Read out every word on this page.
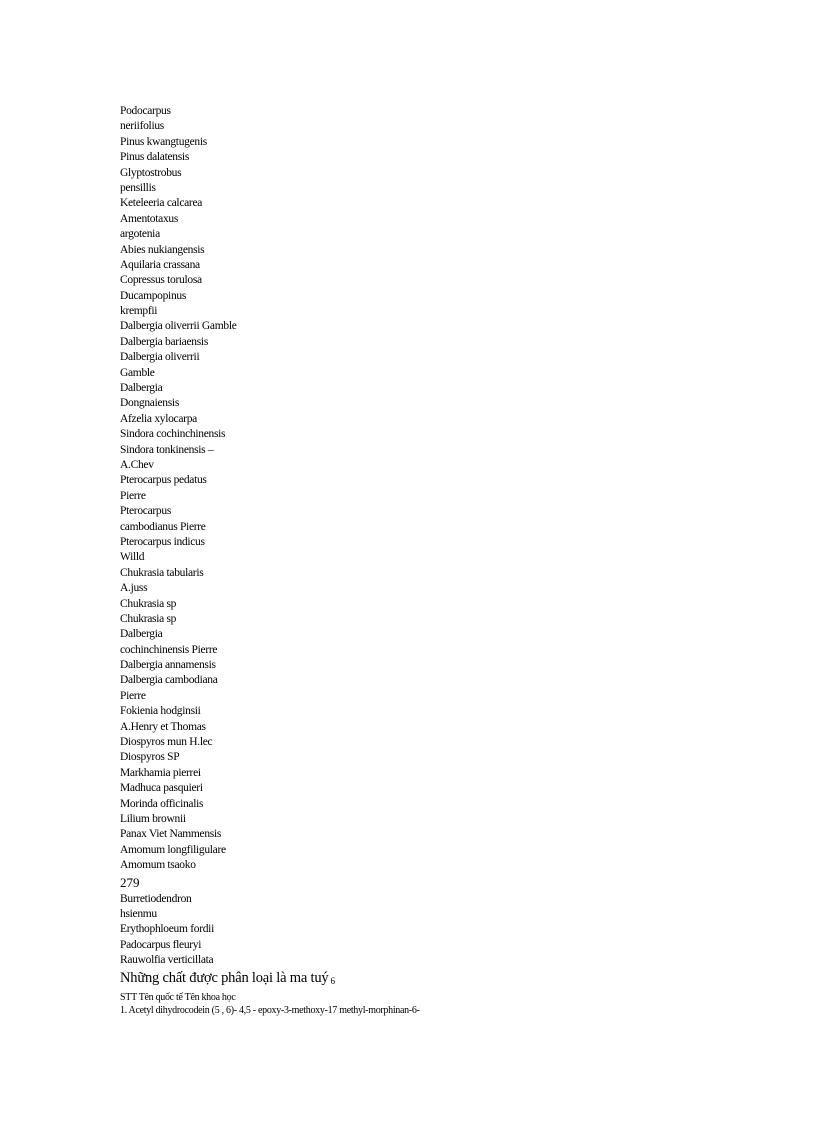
Podocarpus
neriifolius
Pinus kwangtugenis
Pinus dalatensis
Glyptostrobus
pensillis
Keteleeria calcarea
Amentotaxus
argotenia
Abies nukiangensis
Aquilaria crassana
Copressus torulosa
Ducampopinus
krempfii
Dalbergia oliverrii Gamble
Dalbergia bariaensis
Dalbergia oliverrii
Gamble
Dalbergia
Dongnaiensis
Afzelia xylocarpa
Sindora cochinchinensis
Sindora tonkinensis –
A.Chev
Pterocarpus pedatus
Pierre
Pterocarpus
cambodianus Pierre
Pterocarpus indicus
Willd
Chukrasia tabularis
A.juss
Chukrasia sp
Chukrasia sp
Dalbergia
cochinchinensis Pierre
Dalbergia annamensis
Dalbergia cambodiana
Pierre
Fokienia hodginsii
A.Henry et Thomas
Diospyros mun H.lec
Diospyros SP
Markhamia pierrei
Madhuca pasquieri
Morinda officinalis
Lilium brownii
Panax Viet Nammensis
Amomum longfiligulare
Amomum tsaoko
279
Burretiodendron
hsienmu
Erythophloeum fordii
Padocarpus fleuryi
Rauwolfia verticillata
Những chất được phân loại là ma tuý $_6$
STT Tên quốc tế Tên khoa học
1. Acetyl dihydrocodein (5 , 6)- 4,5 - epoxy-3-methoxy-17 methyl-morphinan-6-
